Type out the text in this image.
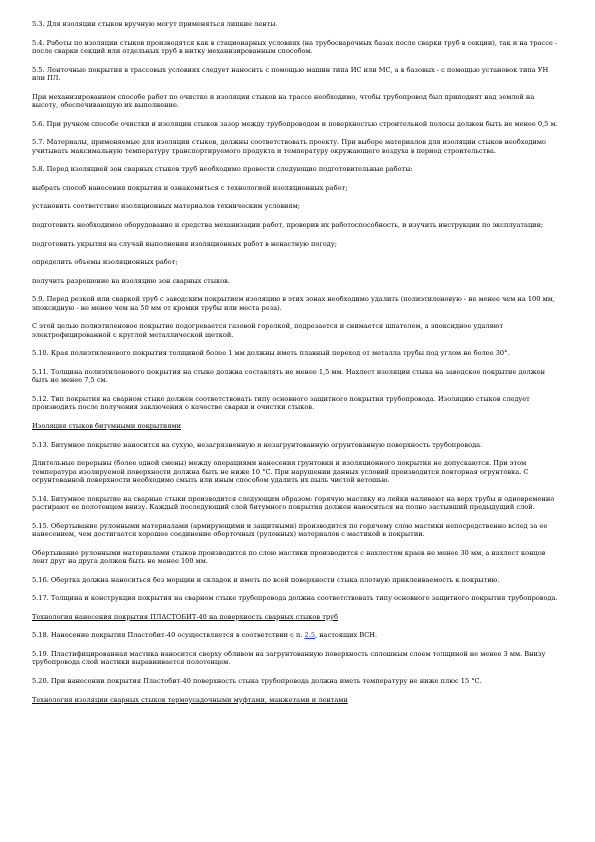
5.3. Для изоляции стыков вручную могут применяться липкие ленты.

5.4. Работы по изоляции стыков производятся как в стационарных условиях (на трубосварочных базах после сварки труб в секции), так и на трассе - после сварки секций или отдельных труб в нитку механизированным способом.

5.5. Ленточные покрытия в трассовых условиях следует наносить с помощью машин типа ИС или МС, а в базовых - с помощью установок типа УН или ПЛ.

При механизированном способе работ по очистке и изоляции стыков на трассе необходимо, чтобы трубопровод был приподнят над землей на высоту, обеспечивающую их выполнение.

5.6. При ручном способе очистки и изоляции стыков зазор между трубопроводом и поверхностью строительной полосы должен быть не менее 0,5 м.

5.7. Материалы, применяемые для изоляции стыков, должны соответствовать проекту. При выборе материалов для изоляции стыков необходимо учитывать максимальную температуру транспортируемого продукта и температуру окружающего воздуха в период строительства.

5.8. Перед изоляцией зон сварных стыков труб необходимо провести следующие подготовительные работы:

выбрать способ нанесения покрытия и ознакомиться с технологией изоляционных работ;

установить соответствие изоляционных материалов техническим условиям;

подготовить необходимое оборудование и средства механизации работ, проверив их работоспособность, и изучить инструкции по эксплуатации;

подготовить укрытия на случай выполнения изоляционных работ в ненастную погоду;

определить объемы изоляционных работ;

получить разрешение на изоляцию зон сварных стыков.

5.9. Перед резкой или сваркой труб с заводским покрытием изоляцию в этих зонах необходимо удалить (полиэтиленовую - не менее чем на 100 мм, эпоксидную - не менее чем на 50 мм от кромки трубы или места реза).

С этой целью полиэтиленовое покрытие подогревается газовой горелкой, подрезается и снимается шпателем, а эпоксидное удаляют электрофицированной с круглой металлической щеткой.

5.10. Края полиэтиленового покрытия толщиной более 1 мм должны иметь плавный переход от металла трубы под углом не более 30°.

5.11. Толщина полиэтиленового покрытия на стыке должна составлять не менее 1,5 мм. Нахлест изоляции стыка на заводское покрытие должен быть не менее 7,5 см.

5.12. Тип покрытия на сварном стыке должен соответствовать типу основного защитного покрытия трубопровода. Изоляцию стыков следует производить после получения заключения о качестве сварки и очистки стыков.

Изоляция стыков битумными покрытиями

5.13. Битумное покрытие наносится на сухую, незагрязненную и незагрунтованную огрунтованную поверхность трубопровода.

Длительные перерывы (более одной смены) между операциями нанесения грунтовки и изоляционного покрытия не допускаются. При этом температура изолируемой поверхности должна быть не ниже 10 °С. При нарушении данных условий производится повторная огрунтовка. С огрунтованной поверхности необходимо смыть или иным способом удалить их пыль чистой ветошью.

5.14. Битумное покрытие на сварные стыки производится следующим образом: горячую мастику из лейки наливают на верх трубы и одновременно растирают ее полотенцем внизу. Каждый последующий слой битумного покрытия должен наноситься на полно застывший предыдущий слой.

5.15. Обертывание рулонными материалами (армирующими и защитными) производится по горячему слою мастики непосредственно вслед за ее нанесением, чем достигается хорошее соединение оберточных (рулонных) материалов с мастикой в покрытии.

Обертывание рулонными материалами стыков производится по слою мастики производится с нахлестом краев не менее 30 мм, а нахлест концов лент друг на друга должен быть не менее 100 мм.

5.16. Обертка должна наноситься без морщин и складок и иметь по всей поверхности стыка плотную приклеиваемость к покрытию.

5.17. Толщина и конструкция покрытия на сварном стыке трубопровода должна соответствовать типу основного защитного покрытия трубопровода.

Технология нанесения покрытия ПЛАСТОБИТ-40 на поверхность сварных стыков труб

5.18. Нанесение покрытия Пластобит-40 осуществляется в соответствии с п. 2.5, настоящих ВСН.

5.19. Пластифицированная мастика наносится сверху обливом на загрунтованную поверхность сплошным слоем толщиной не менее 3 мм. Внизу трубопровода слой мастики выравнивается полотенцем.

5.20. При нанесении покрытия Пластобит-40 поверхность стыка трубопровода должна иметь температуру не ниже плюс 15 °С.

Технология изоляции сварных стыков термоусадочными муфтами, манжетами и лентами
